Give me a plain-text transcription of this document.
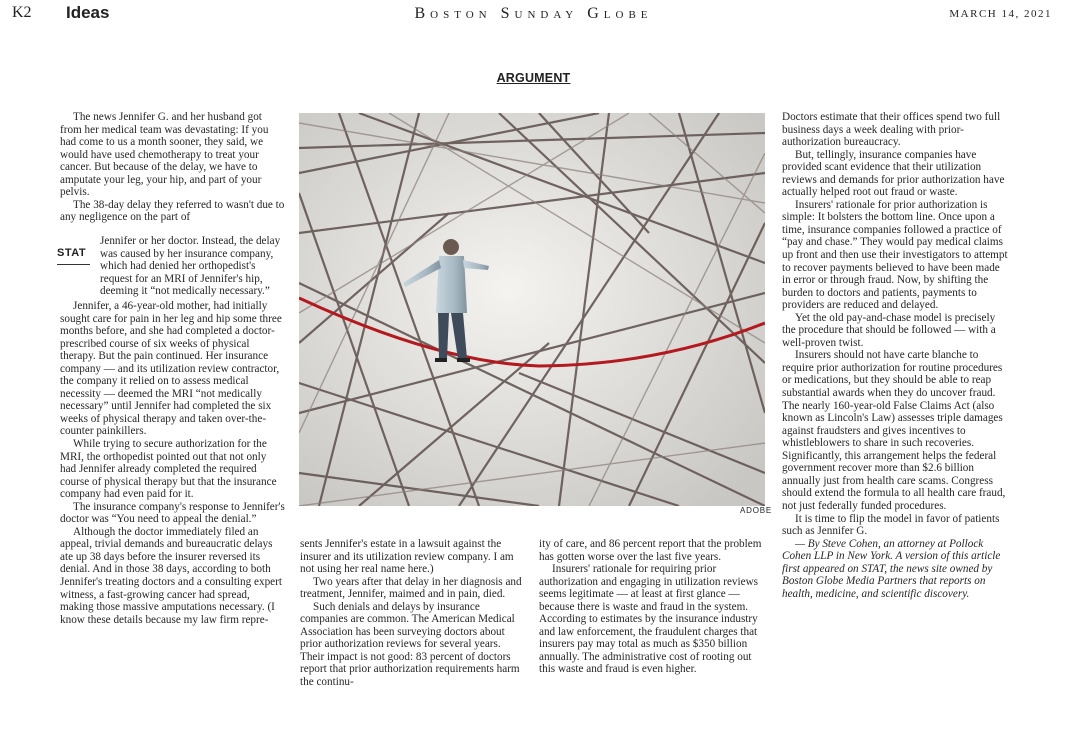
K2 Ideas	Boston Sunday Globe	MARCH 14, 2021
ARGUMENT

The news Jennifer G. and her husband got from her medical team was devastating: If you had come to us a month sooner, they said, we would have used chemotherapy to treat your cancer. But because of the delay, we have to amputate your leg, your hip, and part of your pelvis.

The 38-day delay they referred to wasn't due to any negligence on the part of

STAT

Jennifer or her doctor. Instead, the delay was caused by her insurance company, which had denied her orthopedist's request for an MRI of Jennifer's hip, deeming it “not medically necessary.”

Jennifer, a 46-year-old mother, had initially sought care for pain in her leg and hip some three months before, and she had completed a doctor-prescribed course of six weeks of physical therapy. But the pain continued. Her insurance company — and its utilization review contractor, the company it relied on to assess medical necessity — deemed the MRI “not medically necessary” until Jennifer had completed the six weeks of physical therapy and taken over-the-counter painkillers.

While trying to secure authorization for the MRI, the orthopedist pointed out that not only had Jennifer already completed the required course of physical therapy but that the insurance company had even paid for it.

The insurance company's response to Jennifer's doctor was “You need to appeal the denial.”

Although the doctor immediately filed an appeal, trivial demands and bureaucratic delays ate up 38 days before the insurer reversed its denial. And in those 38 days, according to both Jennifer's treating doctors and a consulting expert witness, a fast-growing cancer had spread, making those massive amputations necessary. (I know these details because my law firm repre-

ADOBE

sents Jennifer's estate in a lawsuit against the insurer and its utilization review company. I am not using her real name here.)

Two years after that delay in her diagnosis and treatment, Jennifer, maimed and in pain, died.

Such denials and delays by insurance companies are common. The American Medical Association has been surveying doctors about prior authorization reviews for several years. Their impact is not good: 83 percent of doctors report that prior authorization requirements harm the continu-

ity of care, and 86 percent report that the problem has gotten worse over the last five years.

Insurers' rationale for requiring prior authorization and engaging in utilization reviews seems legitimate — at least at first glance — because there is waste and fraud in the system. According to estimates by the insurance industry and law enforcement, the fraudulent charges that insurers pay may total as much as $350 billion annually. The administrative cost of rooting out this waste and fraud is even higher.

Doctors estimate that their offices spend two full business days a week dealing with prior-authorization bureaucracy.

But, tellingly, insurance companies have provided scant evidence that their utilization reviews and demands for prior authorization have actually helped root out fraud or waste.

Insurers' rationale for prior authorization is simple: It bolsters the bottom line. Once upon a time, insurance companies followed a practice of “pay and chase.” They would pay medical claims up front and then use their investigators to attempt to recover payments believed to have been made in error or through fraud. Now, by shifting the burden to doctors and patients, payments to providers are reduced and delayed.

Yet the old pay-and-chase model is precisely the procedure that should be followed — with a well-proven twist.

Insurers should not have carte blanche to require prior authorization for routine procedures or medications, but they should be able to reap substantial awards when they do uncover fraud. The nearly 160-year-old False Claims Act (also known as Lincoln's Law) assesses triple damages against fraudsters and gives incentives to whistleblowers to share in such recoveries. Significantly, this arrangement helps the federal government recover more than $2.6 billion annually just from health care scams. Congress should extend the formula to all health care fraud, not just federally funded procedures.

It is time to flip the model in favor of patients such as Jennifer G.

— By Steve Cohen, an attorney at Pollock Cohen LLP in New York. A version of this article first appeared on STAT, the news site owned by Boston Globe Media Partners that reports on health, medicine, and scientific discovery.
